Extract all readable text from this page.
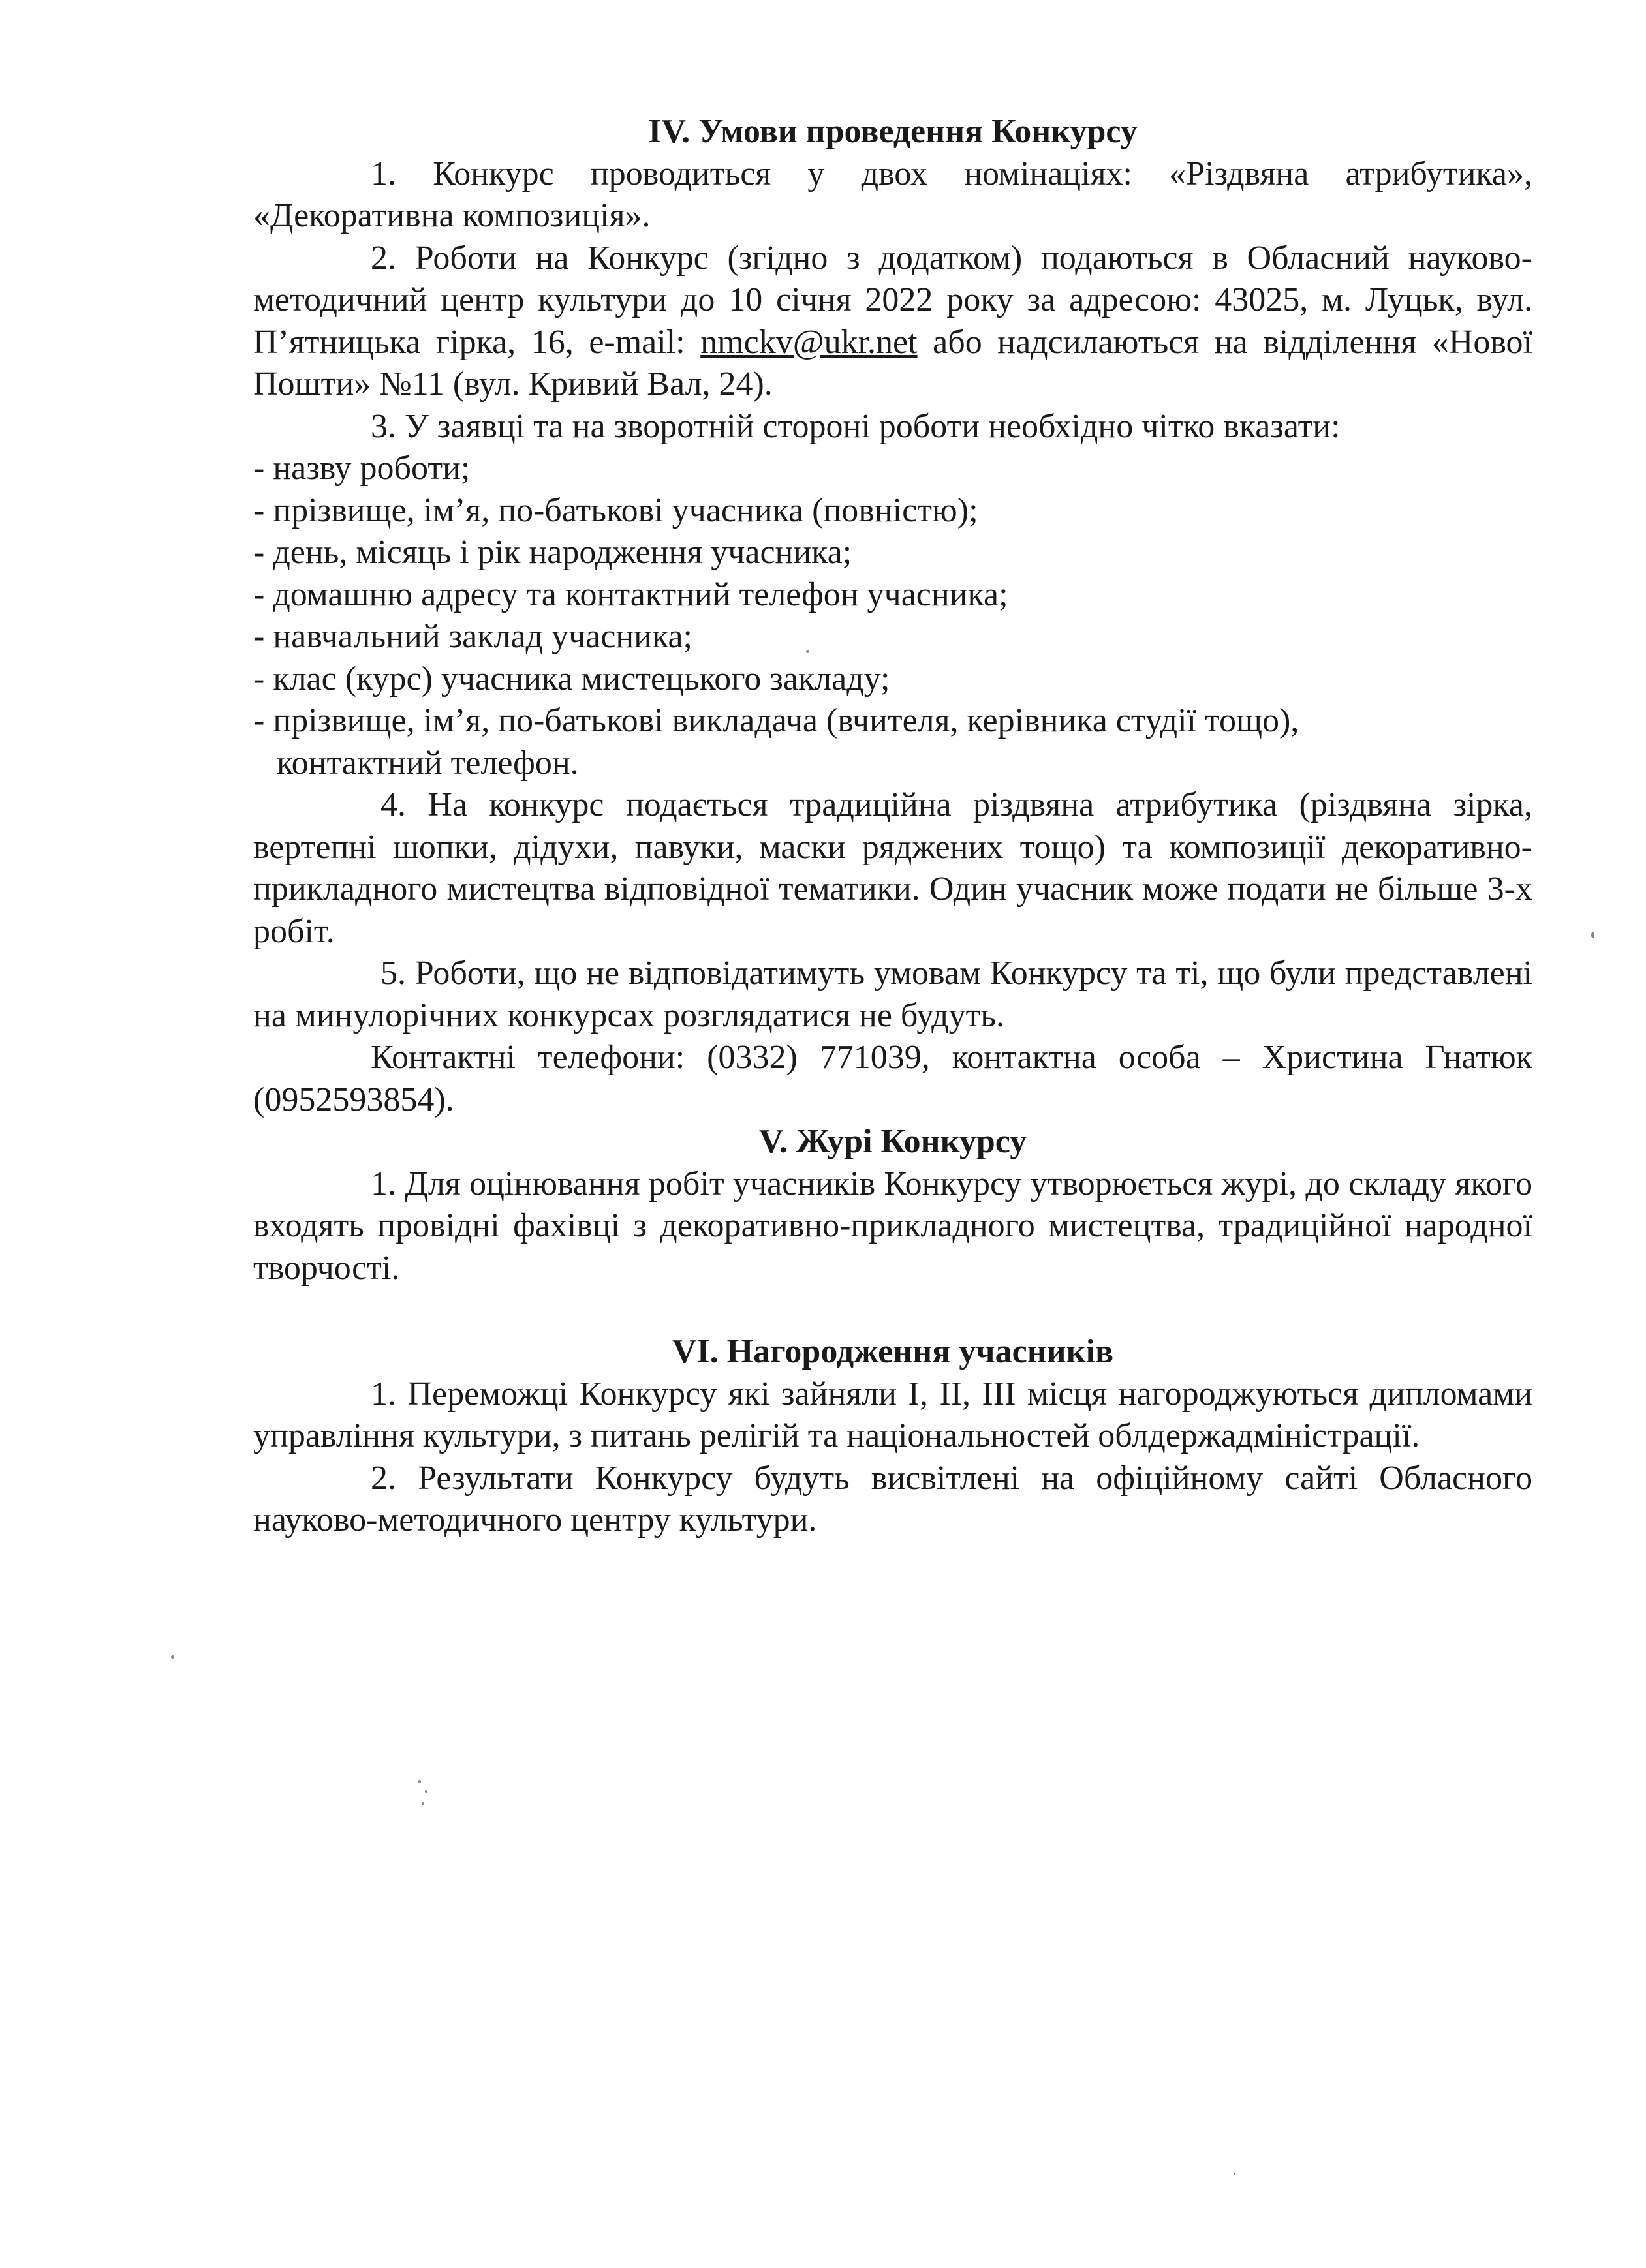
IV. Умови проведення Конкурсу

1. Конкурс проводиться у двох номінаціях: «Різдвяна атрибутика», «Декоративна композиція».

2. Роботи на Конкурс (згідно з додатком) подаються в Обласний науково-методичний центр культури до 10 січня 2022 року за адресою: 43025, м. Луцьк, вул. П’ятницька гірка, 16, e-mail: nmckv@ukr.net або надсилаються на відділення «Нової Пошти» №11 (вул. Кривий Вал, 24).

3. У заявці та на зворотній стороні роботи необхідно чітко вказати:

- назву роботи;

- прізвище, ім’я, по-батькові учасника (повністю);

- день, місяць і рік народження учасника;

- домашню адресу та контактний телефон учасника;

- навчальний заклад учасника;

- клас (курс) учасника мистецького закладу;

- прізвище, ім’я, по-батькові викладача (вчителя, керівника студії тощо),

контактний телефон.

4. На конкурс подається традиційна різдвяна атрибутика (різдвяна зірка, вертепні шопки, дідухи, павуки, маски ряджених тощо) та композиції декоративно-прикладного мистецтва відповідної тематики. Один учасник може подати не більше 3-х робіт.

5. Роботи, що не відповідатимуть умовам Конкурсу та ті, що були представлені на минулорічних конкурсах розглядатися не будуть.

Контактні телефони: (0332) 771039, контактна особа – Христина Гнатюк (0952593854).

V. Журі Конкурсу

1. Для оцінювання робіт учасників Конкурсу утворюється журі, до складу якого входять провідні фахівці з декоративно-прикладного мистецтва, традиційної народної творчості.

VI. Нагородження учасників

1. Переможці Конкурсу які зайняли I, II, III місця нагороджуються дипломами управління культури, з питань релігій та національностей облдержадміністрації.

2. Результати Конкурсу будуть висвітлені на офіційному сайті Обласного науково-методичного центру культури.
